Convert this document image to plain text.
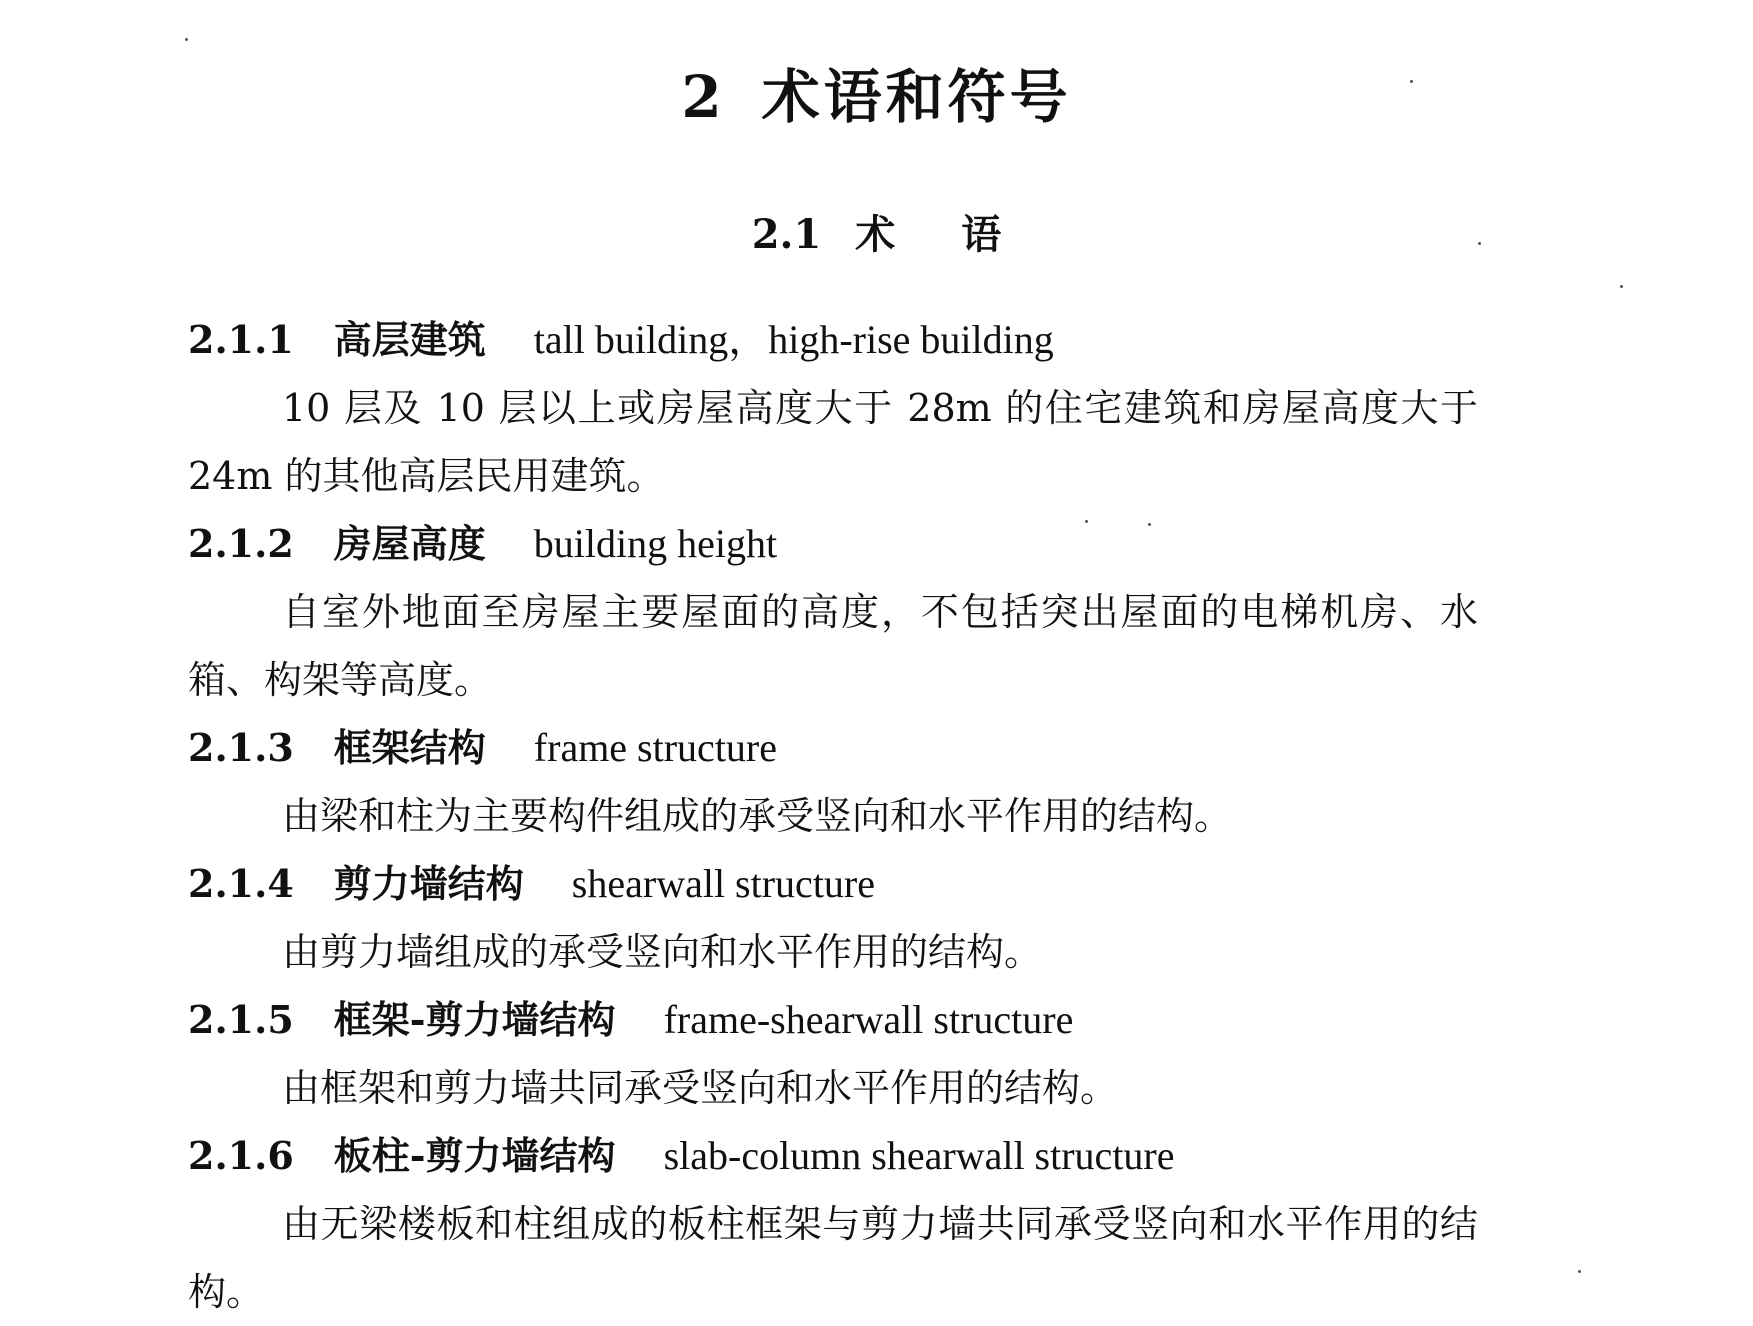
2 术语和符号
2.1 术 语
2.1.1 高层建筑 tall building，high-rise building

10 层及 10 层以上或房屋高度大于 28m 的住宅建筑和房屋高度大于 24m 的其他高层民用建筑。

2.1.2 房屋高度 building height

自室外地面至房屋主要屋面的高度，不包括突出屋面的电梯机房、水箱、构架等高度。

2.1.3 框架结构 frame structure

由梁和柱为主要构件组成的承受竖向和水平作用的结构。

2.1.4 剪力墙结构 shearwall structure

由剪力墙组成的承受竖向和水平作用的结构。

2.1.5 框架-剪力墙结构 frame-shearwall structure

由框架和剪力墙共同承受竖向和水平作用的结构。

2.1.6 板柱-剪力墙结构 slab-column shearwall structure

由无梁楼板和柱组成的板柱框架与剪力墙共同承受竖向和水平作用的结构。
